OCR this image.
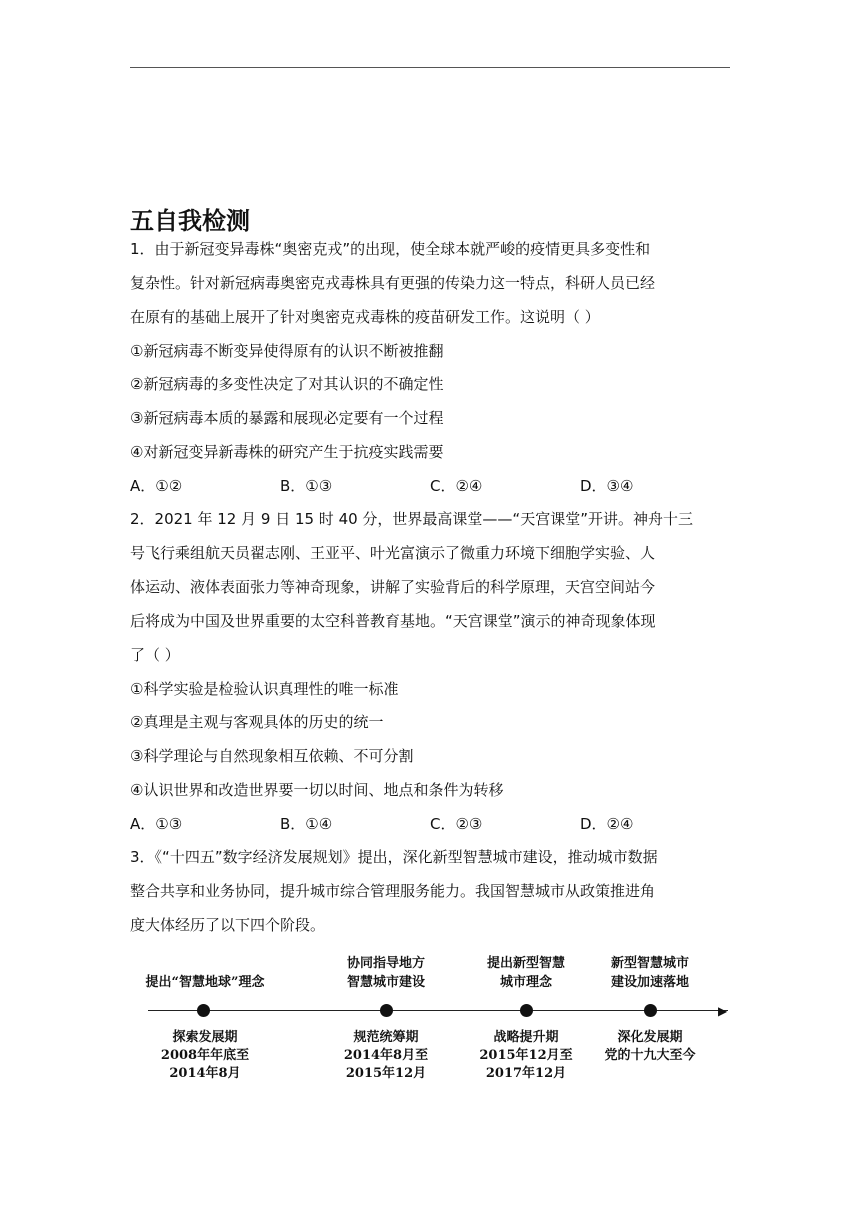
五自我检测
1．由于新冠变异毒株“奥密克戎”的出现，使全球本就严峻的疫情更具多变性和
复杂性。针对新冠病毒奥密克戎毒株具有更强的传染力这一特点，科研人员已经
在原有的基础上展开了针对奥密克戎毒株的疫苗研发工作。这说明（ ）
①新冠病毒不断变异使得原有的认识不断被推翻
②新冠病毒的多变性决定了对其认识的不确定性
③新冠病毒本质的暴露和展现必定要有一个过程
④对新冠变异新毒株的研究产生于抗疫实践需要
A．①②	B．①③	C．②④	D．③④
2．2021 年 12 月 9 日 15 时 40 分，世界最高课堂——“天宫课堂”开讲。神舟十三
号飞行乘组航天员翟志刚、王亚平、叶光富演示了微重力环境下细胞学实验、人
体运动、液体表面张力等神奇现象，讲解了实验背后的科学原理，天宫空间站今
后将成为中国及世界重要的太空科普教育基地。“天宫课堂”演示的神奇现象体现
了（ ）
①科学实验是检验认识真理性的唯一标准
②真理是主观与客观具体的历史的统一
③科学理论与自然现象相互依赖、不可分割
④认识世界和改造世界要一切以时间、地点和条件为转移
A．①③	B．①④	C．②③	D．②④
3．《“十四五”数字经济发展规划》提出，深化新型智慧城市建设，推动城市数据
整合共享和业务协同，提升城市综合管理服务能力。我国智慧城市从政策推进角
度大体经历了以下四个阶段。
▶
提出“智慧地球”理念
探索发展期
2008年年底至
2014年8月
协同指导地方
智慧城市建设
规范统筹期
2014年8月至
2015年12月
提出新型智慧
城市理念
战略提升期
2015年12月至
2017年12月
新型智慧城市
建设加速落地
深化发展期
党的十九大至今
